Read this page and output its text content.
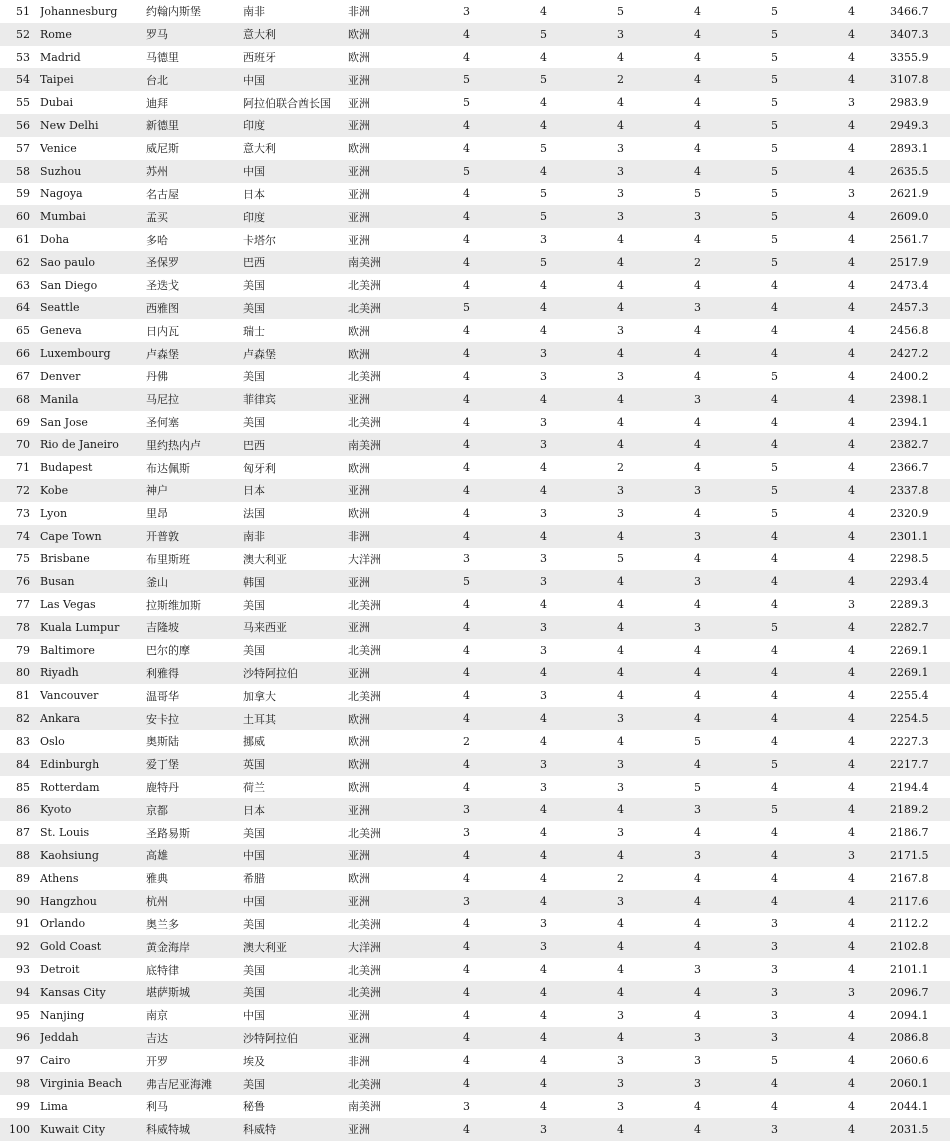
51	Johannesburg	约翰内斯堡	南非	非洲	3	4	5	4	5	4	3466.7
52	Rome	罗马	意大利	欧洲	4	5	3	4	5	4	3407.3
53	Madrid	马德里	西班牙	欧洲	4	4	4	4	5	4	3355.9
54	Taipei	台北	中国	亚洲	5	5	2	4	5	4	3107.8
55	Dubai	迪拜	阿拉伯联合酋长国	亚洲	5	4	4	4	5	3	2983.9
56	New Delhi	新德里	印度	亚洲	4	4	4	4	5	4	2949.3
57	Venice	威尼斯	意大利	欧洲	4	5	3	4	5	4	2893.1
58	Suzhou	苏州	中国	亚洲	5	4	3	4	5	4	2635.5
59	Nagoya	名古屋	日本	亚洲	4	5	3	5	5	3	2621.9
60	Mumbai	孟买	印度	亚洲	4	5	3	3	5	4	2609.0
61	Doha	多哈	卡塔尔	亚洲	4	3	4	4	5	4	2561.7
62	Sao paulo	圣保罗	巴西	南美洲	4	5	4	2	5	4	2517.9
63	San Diego	圣迭戈	美国	北美洲	4	4	4	4	4	4	2473.4
64	Seattle	西雅图	美国	北美洲	5	4	4	3	4	4	2457.3
65	Geneva	日内瓦	瑞士	欧洲	4	4	3	4	4	4	2456.8
66	Luxembourg	卢森堡	卢森堡	欧洲	4	3	4	4	4	4	2427.2
67	Denver	丹佛	美国	北美洲	4	3	3	4	5	4	2400.2
68	Manila	马尼拉	菲律宾	亚洲	4	4	4	3	4	4	2398.1
69	San Jose	圣何塞	美国	北美洲	4	3	4	4	4	4	2394.1
70	Rio de Janeiro	里约热内卢	巴西	南美洲	4	3	4	4	4	4	2382.7
71	Budapest	布达佩斯	匈牙利	欧洲	4	4	2	4	5	4	2366.7
72	Kobe	神户	日本	亚洲	4	4	3	3	5	4	2337.8
73	Lyon	里昂	法国	欧洲	4	3	3	4	5	4	2320.9
74	Cape Town	开普敦	南非	非洲	4	4	4	3	4	4	2301.1
75	Brisbane	布里斯班	澳大利亚	大洋洲	3	3	5	4	4	4	2298.5
76	Busan	釜山	韩国	亚洲	5	3	4	3	4	4	2293.4
77	Las Vegas	拉斯维加斯	美国	北美洲	4	4	4	4	4	3	2289.3
78	Kuala Lumpur	吉隆坡	马来西亚	亚洲	4	3	4	3	5	4	2282.7
79	Baltimore	巴尔的摩	美国	北美洲	4	3	4	4	4	4	2269.1
80	Riyadh	利雅得	沙特阿拉伯	亚洲	4	4	4	4	4	4	2269.1
81	Vancouver	温哥华	加拿大	北美洲	4	3	4	4	4	4	2255.4
82	Ankara	安卡拉	土耳其	欧洲	4	4	3	4	4	4	2254.5
83	Oslo	奥斯陆	挪威	欧洲	2	4	4	5	4	4	2227.3
84	Edinburgh	爱丁堡	英国	欧洲	4	3	3	4	5	4	2217.7
85	Rotterdam	鹿特丹	荷兰	欧洲	4	3	3	5	4	4	2194.4
86	Kyoto	京都	日本	亚洲	3	4	4	3	5	4	2189.2
87	St. Louis	圣路易斯	美国	北美洲	3	4	3	4	4	4	2186.7
88	Kaohsiung	高雄	中国	亚洲	4	4	4	3	4	3	2171.5
89	Athens	雅典	希腊	欧洲	4	4	2	4	4	4	2167.8
90	Hangzhou	杭州	中国	亚洲	3	4	3	4	4	4	2117.6
91	Orlando	奥兰多	美国	北美洲	4	3	4	4	3	4	2112.2
92	Gold Coast	黄金海岸	澳大利亚	大洋洲	4	3	4	4	3	4	2102.8
93	Detroit	底特律	美国	北美洲	4	4	4	3	3	4	2101.1
94	Kansas City	堪萨斯城	美国	北美洲	4	4	4	4	3	3	2096.7
95	Nanjing	南京	中国	亚洲	4	4	3	4	3	4	2094.1
96	Jeddah	吉达	沙特阿拉伯	亚洲	4	4	4	3	3	4	2086.8
97	Cairo	开罗	埃及	非洲	4	4	3	3	5	4	2060.6
98	Virginia Beach	弗吉尼亚海滩	美国	北美洲	4	4	3	3	4	4	2060.1
99	Lima	利马	秘鲁	南美洲	3	4	3	4	4	4	2044.1
100	Kuwait City	科威特城	科威特	亚洲	4	3	4	4	3	4	2031.5
